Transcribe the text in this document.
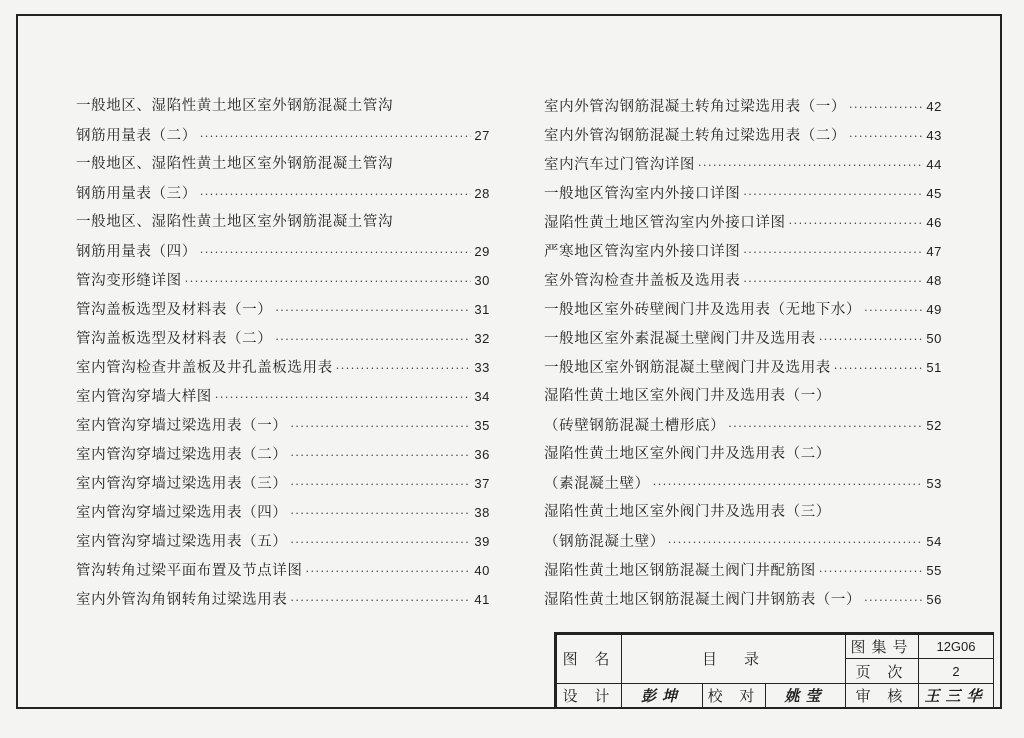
一般地区、湿陷性黄土地区室外钢筋混凝土管沟
钢筋用量表（二） ·····	27
一般地区、湿陷性黄土地区室外钢筋混凝土管沟
钢筋用量表（三） ·····	28
一般地区、湿陷性黄土地区室外钢筋混凝土管沟
钢筋用量表（四） ·····	29
管沟变形缝详图 ·····	30
管沟盖板选型及材料表（一） ·····	31
管沟盖板选型及材料表（二） ·····	32
室内管沟检查井盖板及井孔盖板选用表 ·····	33
室内管沟穿墙大样图 ·····	34
室内管沟穿墙过梁选用表（一） ·····	35
室内管沟穿墙过梁选用表（二） ·····	36
室内管沟穿墙过梁选用表（三） ·····	37
室内管沟穿墙过梁选用表（四） ·····	38
室内管沟穿墙过梁选用表（五） ·····	39
管沟转角过梁平面布置及节点详图 ·····	40
室内外管沟角钢转角过梁选用表 ·····	41
室内外管沟钢筋混凝土转角过梁选用表（一） ·····	42
室内外管沟钢筋混凝土转角过梁选用表（二） ·····	43
室内汽车过门管沟详图 ·····	44
一般地区管沟室内外接口详图 ·····	45
湿陷性黄土地区管沟室内外接口详图 ·····	46
严寒地区管沟室内外接口详图 ·····	47
室外管沟检查井盖板及选用表 ·····	48
一般地区室外砖壁阀门井及选用表（无地下水） ·····	49
一般地区室外素混凝土壁阀门井及选用表 ·····	50
一般地区室外钢筋混凝土壁阀门井及选用表 ·····	51
湿陷性黄土地区室外阀门井及选用表（一）
（砖壁钢筋混凝土槽形底） ·····	52
湿陷性黄土地区室外阀门井及选用表（二）
（素混凝土壁） ·····	53
湿陷性黄土地区室外阀门井及选用表（三）
（钢筋混凝土壁） ·····	54
湿陷性黄土地区钢筋混凝土阀门井配筋图 ·····	55
湿陷性黄土地区钢筋混凝土阀门井钢筋表（一） ·····	56
图 名	目　录			图集号	12G06
				页 次	2
设 计	彭坤	校 对	姚莹	审 核	王三华
